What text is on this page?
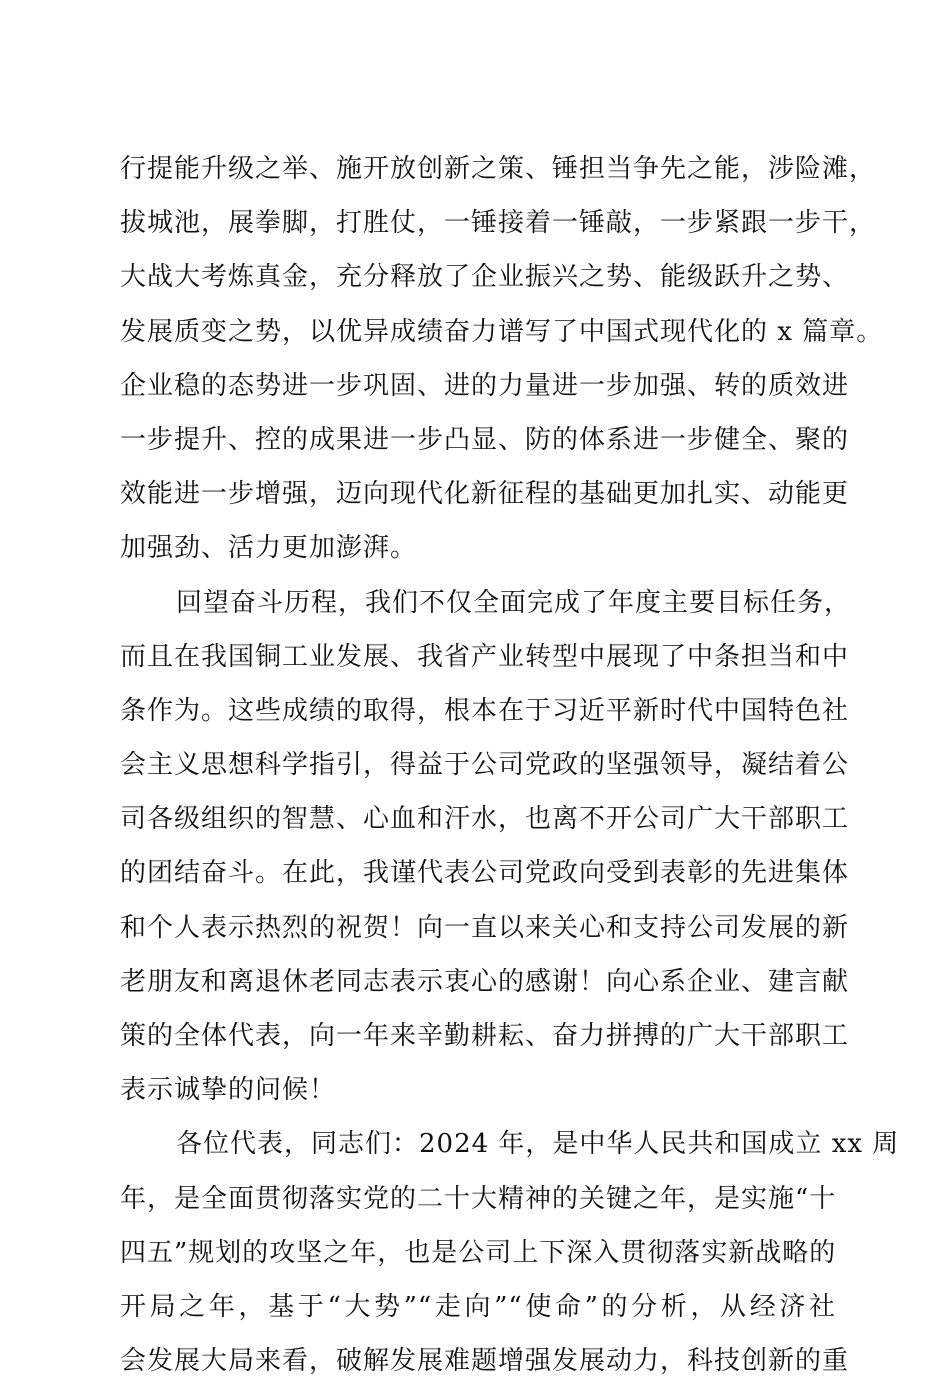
行提能升级之举、施开放创新之策、锤担当争先之能，涉险滩，
拔城池，展拳脚，打胜仗，一锤接着一锤敲，一步紧跟一步干，
大战大考炼真金，充分释放了企业振兴之势、能级跃升之势、
发展质变之势，以优异成绩奋力谱写了中国式现代化的 x 篇章。
企业稳的态势进一步巩固、进的力量进一步加强、转的质效进
一步提升、控的成果进一步凸显、防的体系进一步健全、聚的
效能进一步增强，迈向现代化新征程的基础更加扎实、动能更
加强劲、活力更加澎湃。
回望奋斗历程，我们不仅全面完成了年度主要目标任务，
而且在我国铜工业发展、我省产业转型中展现了中条担当和中
条作为。这些成绩的取得，根本在于习近平新时代中国特色社
会主义思想科学指引，得益于公司党政的坚强领导，凝结着公
司各级组织的智慧、心血和汗水，也离不开公司广大干部职工
的团结奋斗。在此，我谨代表公司党政向受到表彰的先进集体
和个人表示热烈的祝贺！向一直以来关心和支持公司发展的新
老朋友和离退休老同志表示衷心的感谢！向心系企业、建言献
策的全体代表，向一年来辛勤耕耘、奋力拼搏的广大干部职工
表示诚挚的问候！
各位代表，同志们：2024 年，是中华人民共和国成立 xx 周
年，是全面贯彻落实党的二十大精神的关键之年，是实施“十
四五”规划的攻坚之年，也是公司上下深入贯彻落实新战略的
开局之年，基于“大势”“走向”“使命”的分析，从经济社
会发展大局来看，破解发展难题增强发展动力，科技创新的重
